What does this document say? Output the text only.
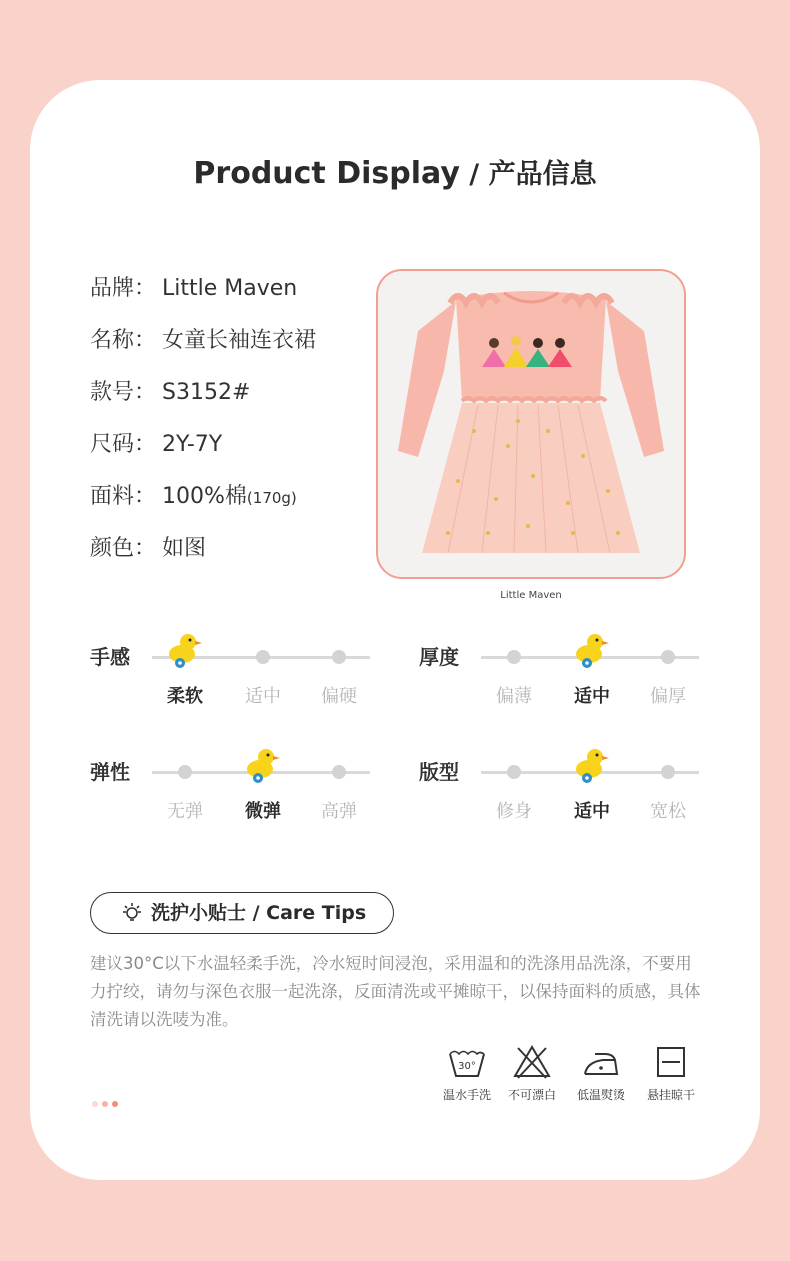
Product Display / 产品信息
品牌： Little Maven
名称： 女童长袖连衣裙
款号： S3152#
尺码： 2Y-7Y
面料： 100%棉(170g)
颜色： 如图
Little Maven
手感
柔软	适中	偏硬
厚度
偏薄	适中	偏厚
弹性
无弹	微弹	高弹
版型
修身	适中	宽松
洗护小贴士 / Care Tips
建议30°C以下水温轻柔手洗，冷水短时间浸泡，采用温和的洗涤用品洗涤，不要用力拧绞，请勿与深色衣服一起洗涤，反面清洗或平摊晾干，以保持面料的质感，具体清洗请以洗唛为准。
30°
温水手洗	不可漂白	低温熨烫	悬挂晾干
